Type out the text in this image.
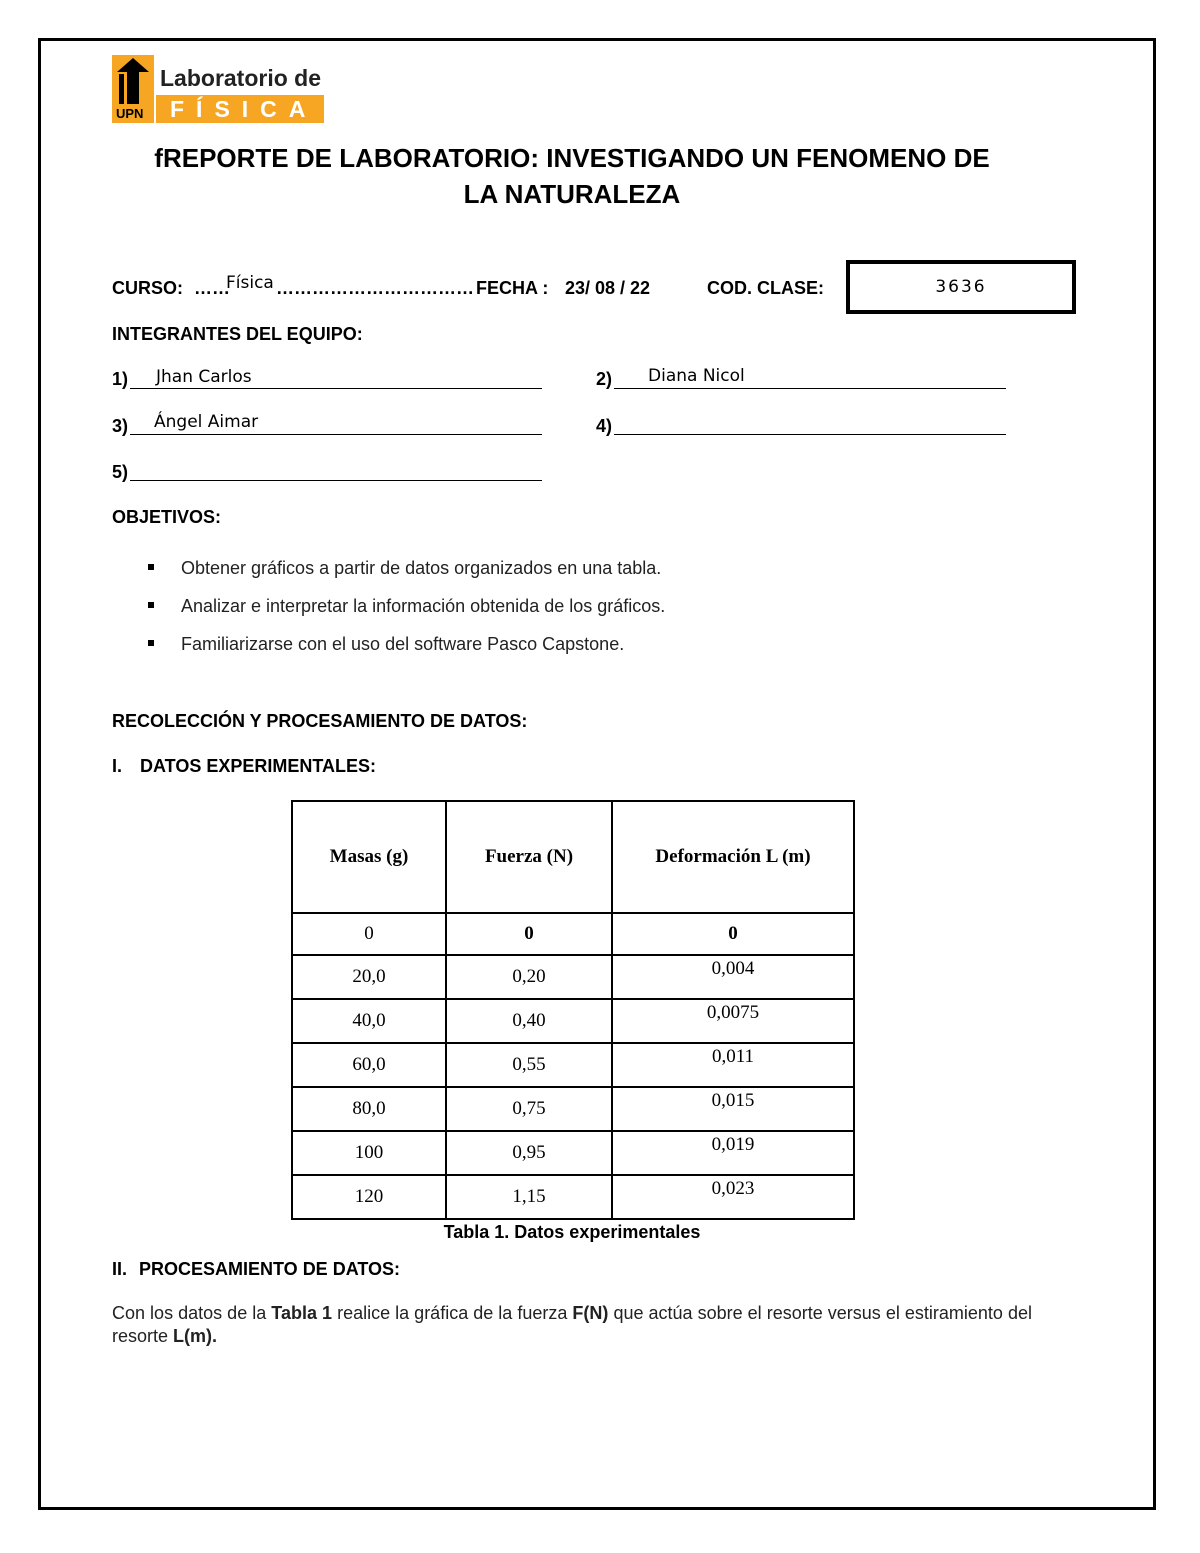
UPN
Laboratorio de
FÍSICA
fREPORTE DE LABORATORIO: INVESTIGANDO UN FENOMENO DE
LA NATURALEZA
CURSO: ……
Física …………………………… FECHA : 23/ 08 / 22	COD. CLASE:	3636
INTEGRANTES DEL EQUIPO:
1) Jhan Carlos	2) Diana Nicol
3) Ángel Aimar	4)
5)
OBJETIVOS:
Obtener gráficos a partir de datos organizados en una tabla.
Analizar e interpretar la información obtenida de los gráficos.
Familiarizarse con el uso del software Pasco Capstone.
RECOLECCIÓN Y PROCESAMIENTO DE DATOS:
I. DATOS EXPERIMENTALES:
Masas (g)	Fuerza (N)	Deformación L (m)
0	0	0
20,0	0,20	0,004
40,0	0,40	0,0075
60,0	0,55	0,011
80,0	0,75	0,015
100	0,95	0,019
120	1,15	0,023
Tabla 1. Datos experimentales
II. PROCESAMIENTO DE DATOS:
Con los datos de la Tabla 1 realice la gráfica de la fuerza F(N) que actúa sobre el resorte versus el estiramiento del resorte L(m).
